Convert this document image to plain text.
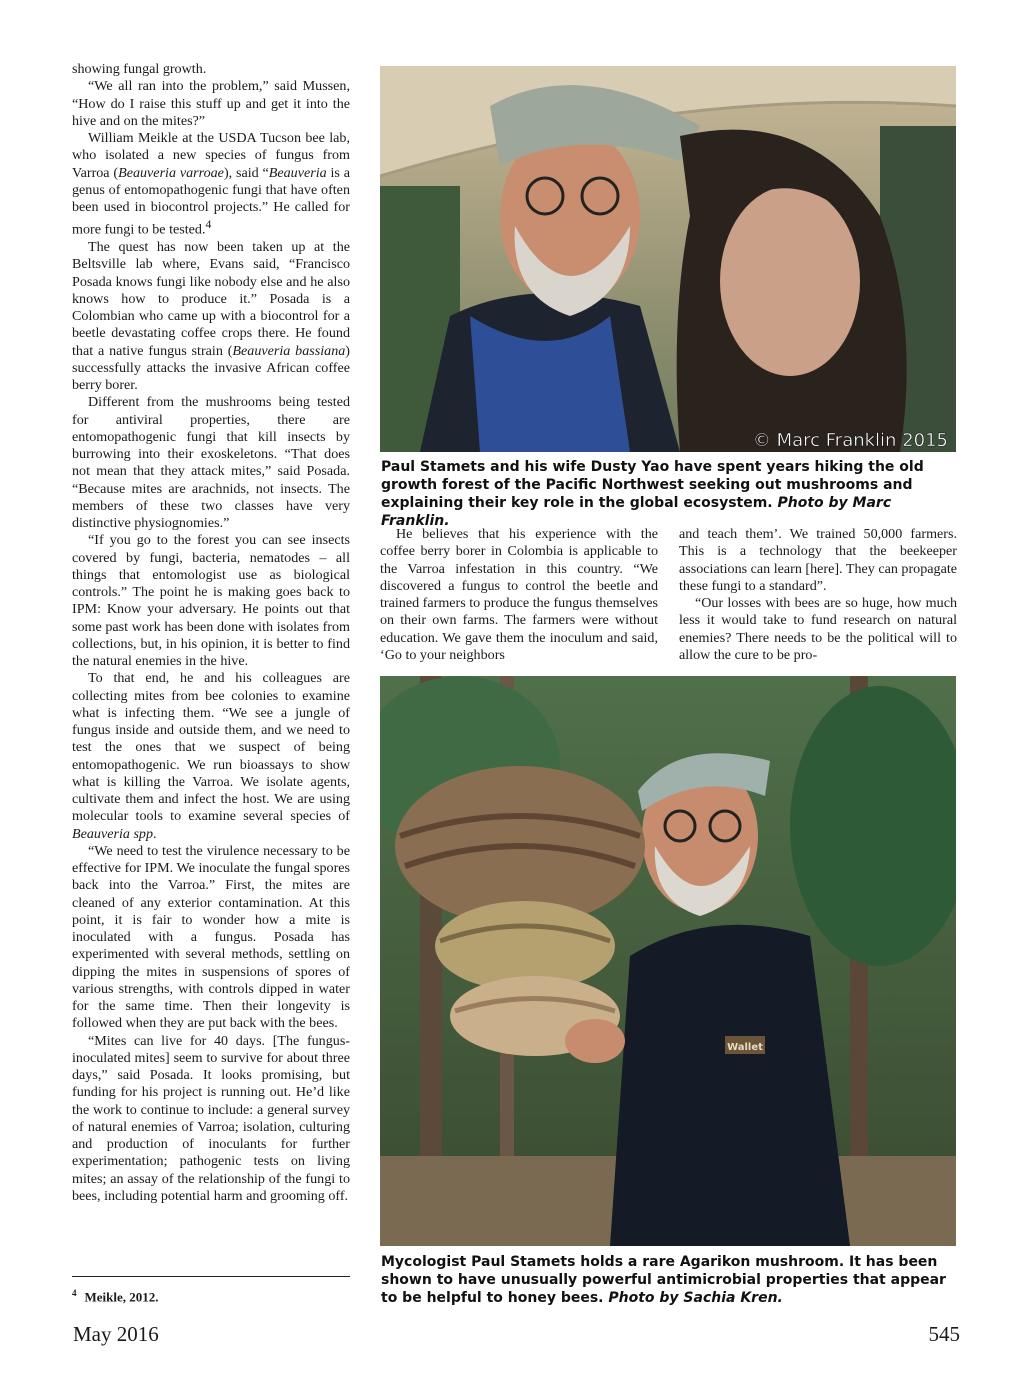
showing fungal growth.

“We all ran into the problem,” said Mussen, “How do I raise this stuff up and get it into the hive and on the mites?”

William Meikle at the USDA Tucson bee lab, who isolated a new species of fungus from Varroa (Beauveria varroae), said “Beauveria is a genus of entomopathogenic fungi that have often been used in biocontrol projects.” He called for more fungi to be tested.$^4$

The quest has now been taken up at the Beltsville lab where, Evans said, “Francisco Posada knows fungi like nobody else and he also knows how to produce it.” Posada is a Colombian who came up with a biocontrol for a beetle devastating coffee crops there. He found that a native fungus strain (Beauveria bassiana) successfully attacks the invasive African coffee berry borer.

Different from the mushrooms being tested for antiviral properties, there are entomopathogenic fungi that kill insects by burrowing into their exoskeletons. “That does not mean that they attack mites,” said Posada. “Because mites are arachnids, not insects. The members of these two classes have very distinctive physiognomies.”

“If you go to the forest you can see insects covered by fungi, bacteria, nematodes – all things that entomologist use as biological controls.” The point he is making goes back to IPM: Know your adversary. He points out that some past work has been done with isolates from collections, but, in his opinion, it is better to find the natural enemies in the hive.

To that end, he and his colleagues are collecting mites from bee colonies to examine what is infecting them. “We see a jungle of fungus inside and outside them, and we need to test the ones that we suspect of being entomopathogenic. We run bioassays to show what is killing the Varroa. We isolate agents, cultivate them and infect the host. We are using molecular tools to examine several species of Beauveria spp.

“We need to test the virulence necessary to be effective for IPM. We inoculate the fungal spores back into the Varroa.” First, the mites are cleaned of any exterior contamination. At this point, it is fair to wonder how a mite is inoculated with a fungus. Posada has experimented with several methods, settling on dipping the mites in suspensions of spores of various strengths, with controls dipped in water for the same time. Then their longevity is followed when they are put back with the bees.

“Mites can live for 40 days. [The fungus-inoculated mites] seem to survive for about three days,” said Posada. It looks promising, but funding for his project is running out. He’d like the work to continue to include: a general survey of natural enemies of Varroa; isolation, culturing and production of inoculants for further experimentation; pathogenic tests on living mites; an assay of the relationship of the fungi to bees, including potential harm and grooming off.

$^4$ Meikle, 2012.
© Marc Franklin 2015
Paul Stamets and his wife Dusty Yao have spent years hiking the old growth forest of the Pacific Northwest seeking out mushrooms and explaining their key role in the global ecosystem. Photo by Marc Franklin.

He believes that his experience with the coffee berry borer in Colombia is applicable to the Varroa infestation in this country. “We discovered a fungus to control the beetle and trained farmers to produce the fungus themselves on their own farms. The farmers were without education. We gave them the inoculum and said, ‘Go to your neighbors

and teach them’. We trained 50,000 farmers. This is a technology that the beekeeper associations can learn [here]. They can propagate these fungi to a standard”.

“Our losses with bees are so huge, how much less it would take to fund research on natural enemies? There needs to be the political will to allow the cure to be pro-

Wallet
Mycologist Paul Stamets holds a rare Agarikon mushroom. It has been shown to have unusually powerful antimicrobial properties that appear to be helpful to honey bees. Photo by Sachia Kren.
May 2016	545
